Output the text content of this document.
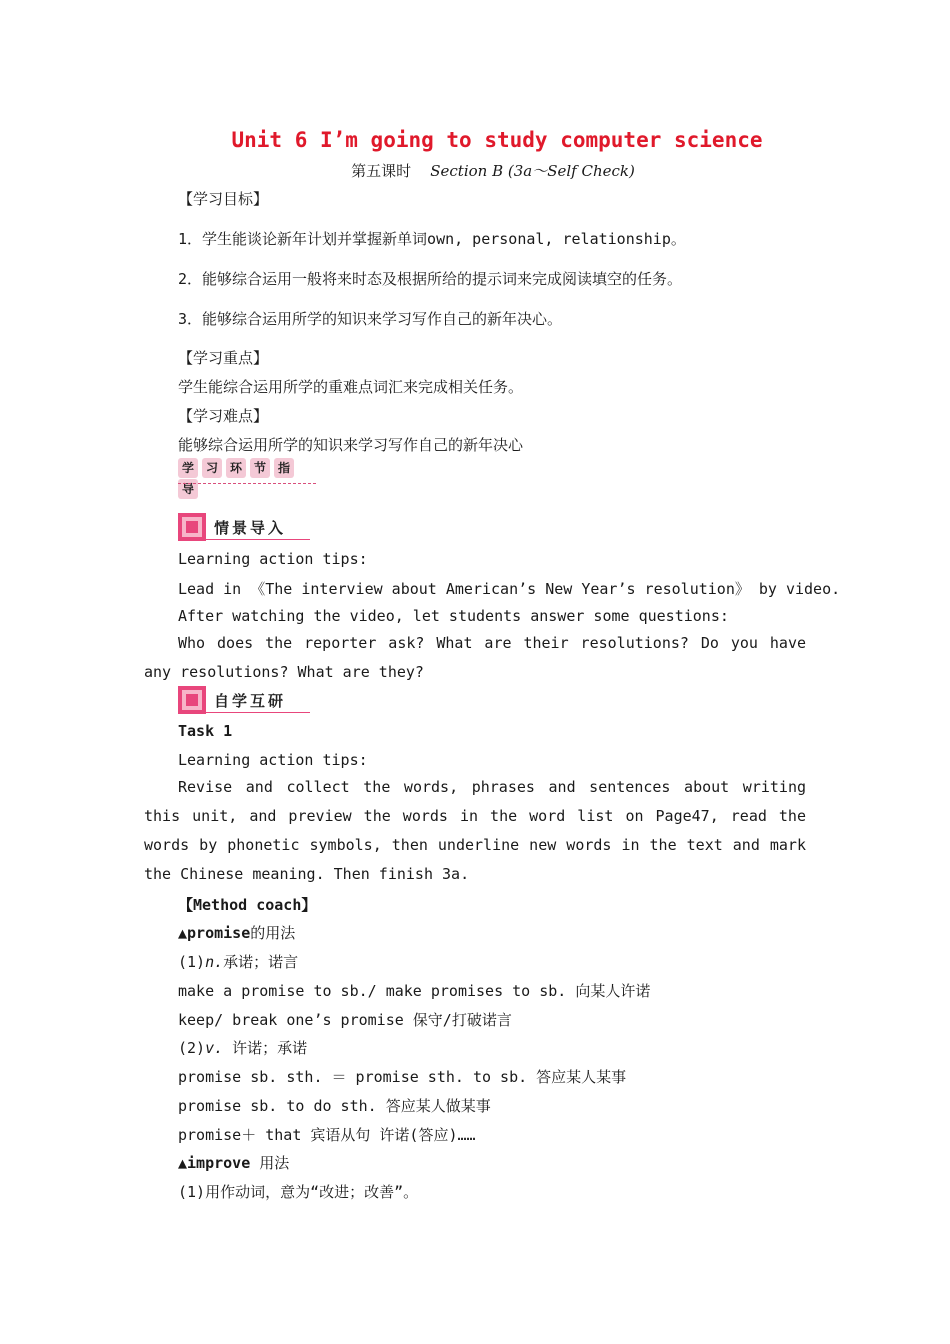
Unit 6 I’m going to study computer science
第五课时 Section B (3a～Self Check)
【学习目标】
1．学生能谈论新年计划并掌握新单词own, personal, relationship。
2．能够综合运用一般将来时态及根据所给的提示词来完成阅读填空的任务。
3．能够综合运用所学的知识来学习写作自己的新年决心。
【学习重点】
学生能综合运用所学的重难点词汇来完成相关任务。
【学习难点】
能够综合运用所学的知识来学习写作自己的新年决心
学 习 环 节 指导
情景导入
Learning action tips:
Lead in 《The interview about American’s New Year’s resolution》 by video.
After watching the video, let students answer some questions:
Who does the reporter ask? What are their resolutions? Do you have any resolutions? What are they?
自学互研
Task 1
Learning action tips:
Revise and collect the words, phrases and sentences about writing this unit, and preview the words in the word list on Page47, read the words by phonetic symbols, then underline new words in the text and mark the Chinese meaning. Then finish 3a.
【Method coach】
▲promise的用法
(1)n.承诺；诺言
make a promise to sb./ make promises to sb. 向某人许诺
keep/ break one’s promise 保守/打破诺言
(2)v. 许诺；承诺
promise sb. sth. ＝ promise sth. to sb. 答应某人某事
promise sb. to do sth. 答应某人做某事
promise＋ that 宾语从句 许诺(答应)……
▲improve 用法
(1)用作动词，意为“改进；改善”。
